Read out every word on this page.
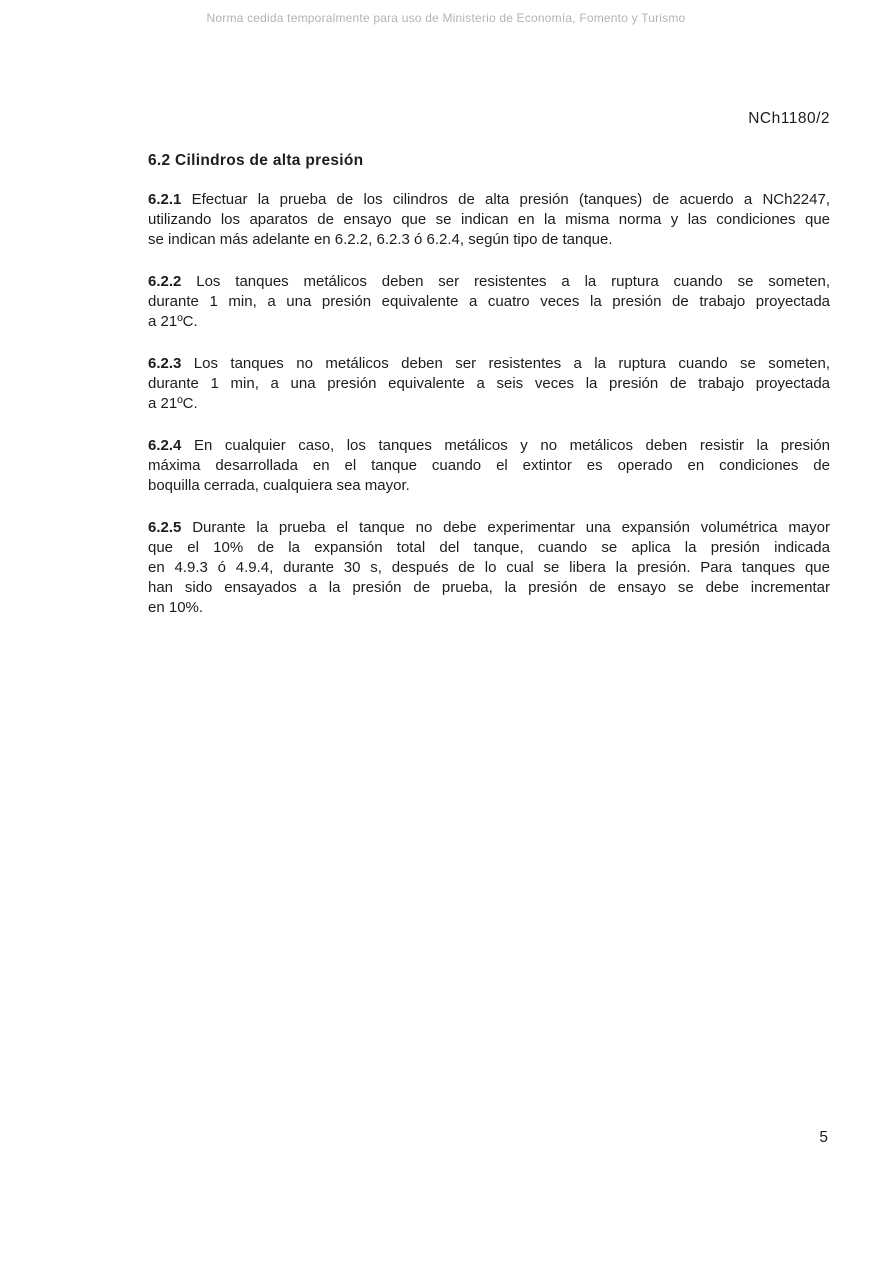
Norma cedida temporalmente para uso de Ministerio de Economía, Fomento y Turismo
NCh1180/2
6.2 Cilindros de alta presión

6.2.1 Efectuar la prueba de los cilindros de alta presión (tanques) de acuerdo a NCh2247,
utilizando los aparatos de ensayo que se indican en la misma norma y las condiciones que
se indican más adelante en 6.2.2, 6.2.3 ó 6.2.4, según tipo de tanque.

6.2.2 Los tanques metálicos deben ser resistentes a la ruptura cuando se someten,
durante 1 min, a una presión equivalente a cuatro veces la presión de trabajo proyectada
a 21ºC.

6.2.3 Los tanques no metálicos deben ser resistentes a la ruptura cuando se someten,
durante 1 min, a una presión equivalente a seis veces la presión de trabajo proyectada
a 21ºC.

6.2.4 En cualquier caso, los tanques metálicos y no metálicos deben resistir la presión
máxima desarrollada en el tanque cuando el extintor es operado en condiciones de
boquilla cerrada, cualquiera sea mayor.

6.2.5 Durante la prueba el tanque no debe experimentar una expansión volumétrica mayor
que el 10% de la expansión total del tanque, cuando se aplica la presión indicada
en 4.9.3 ó 4.9.4, durante 30 s, después de lo cual se libera la presión. Para tanques que
han sido ensayados a la presión de prueba, la presión de ensayo se debe incrementar
en 10%.

5
